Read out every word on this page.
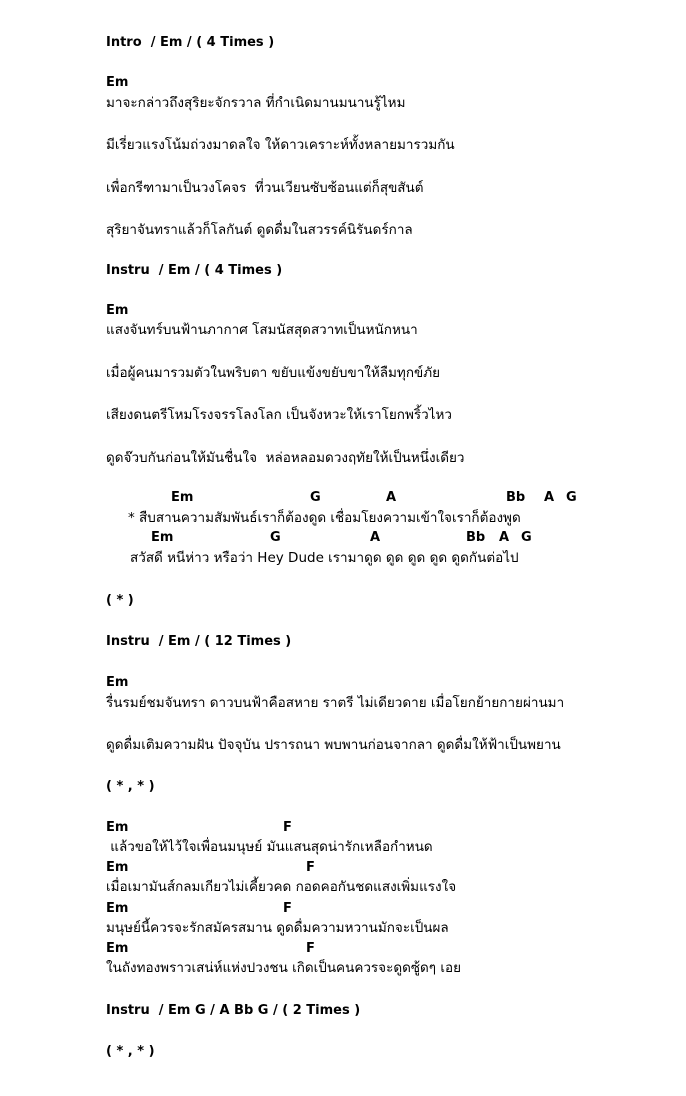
Intro  / Em / ( 4 Times )
Em
มาจะกล่าวถึงสุริยะจักรวาล ที่กำเนิดมานมนานรู้ไหม
มีเรี่ยวแรงโน้มถ่วงมาดลใจ ให้ดาวเคราะห์ทั้งหลายมารวมกัน
เพื่อกรีฑามาเป็นวงโคจร  ที่วนเวียนซับซ้อนแต่ก็สุขสันต์
สุริยาจันทราแล้วก็โลกันต์ ดูดดื่มในสวรรค์นิรันดร์กาล
Instru  / Em / ( 4 Times )
Em
แสงจันทร์บนฟ้านภากาศ โสมนัสสุดสวาทเป็นหนักหนา
เมื่อผู้คนมารวมตัวในพริบตา ขยับแข้งขยับขาให้ลืมทุกข์ภัย
เสียงดนตรีโหมโรงจรรโลงโลก เป็นจังหวะให้เราโยกพริ้วไหว
ดูดจ๊วบกันก่อนให้มันชื่นใจ  หล่อหลอมดวงฤทัยให้เป็นหนึ่งเดียว
Em	G	A	Bb A G
* สืบสานความสัมพันธ์เราก็ต้องดูด เชื่อมโยงความเข้าใจเราก็ต้องพูด
Em	G	A	Bb A G
สวัสดี หนีห่าว หรือว่า Hey Dude เรามาดูด ดูด ดูด ดูด ดูดกันต่อไป
( * )
Instru  / Em / ( 12 Times )
Em
รื่นรมย์ชมจันทรา ดาวบนฟ้าคือสหาย ราตรี ไม่เดียวดาย เมื่อโยกย้ายกายผ่านมา
ดูดดื่มเติมความฝัน ปัจจุบัน ปรารถนา พบพานก่อนจากลา ดูดดื่มให้ฟ้าเป็นพยาน
( * , * )
Em	F
แล้วขอให้ไว้ใจเพื่อนมนุษย์ มันแสนสุดน่ารักเหลือกำหนด
Em	F
เมื่อเมามันส์กลมเกียวไม่เคี้ยวคด กอดคอกันชดแสงเพิ่มแรงใจ
Em	F
มนุษย์นี้ควรจะรักสมัครสมาน ดูดดื่มความหวานมักจะเป็นผล
Em	F
ในถังทองพราวเสน่ห์แห่งปวงชน เกิดเป็นคนควรจะดูดซู้ดๆ เอย
Instru  / Em G / A Bb G / ( 2 Times )
( * , * )
